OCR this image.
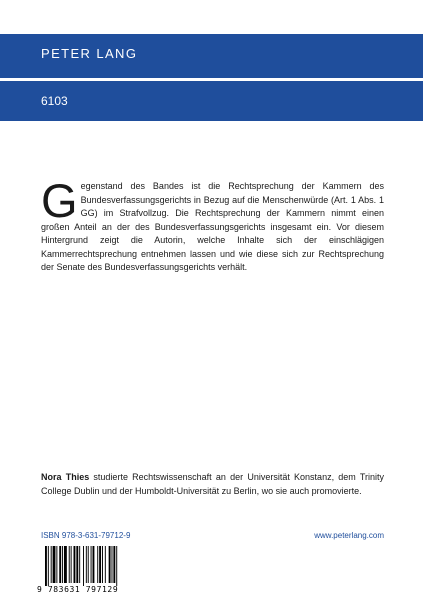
PETER LANG
6103
Gegenstand des Bandes ist die Rechtsprechung der Kammern des Bundesverfassungsgerichts in Bezug auf die Menschenwürde (Art. 1 Abs. 1 GG) im Strafvollzug. Die Rechtsprechung der Kammern nimmt einen großen Anteil an der des Bundesverfassungsgerichts insgesamt ein. Vor diesem Hintergrund zeigt die Autorin, welche Inhalte sich der einschlägigen Kammerrechtsprechung entnehmen lassen und wie diese sich zur Rechtsprechung der Senate des Bundesverfassungsgerichts verhält.
Nora Thies studierte Rechtswissenschaft an der Universität Konstanz, dem Trinity College Dublin und der Humboldt-Universität zu Berlin, wo sie auch promovierte.
ISBN 978-3-631-79712-9	www.peterlang.com
9 783631 797129
